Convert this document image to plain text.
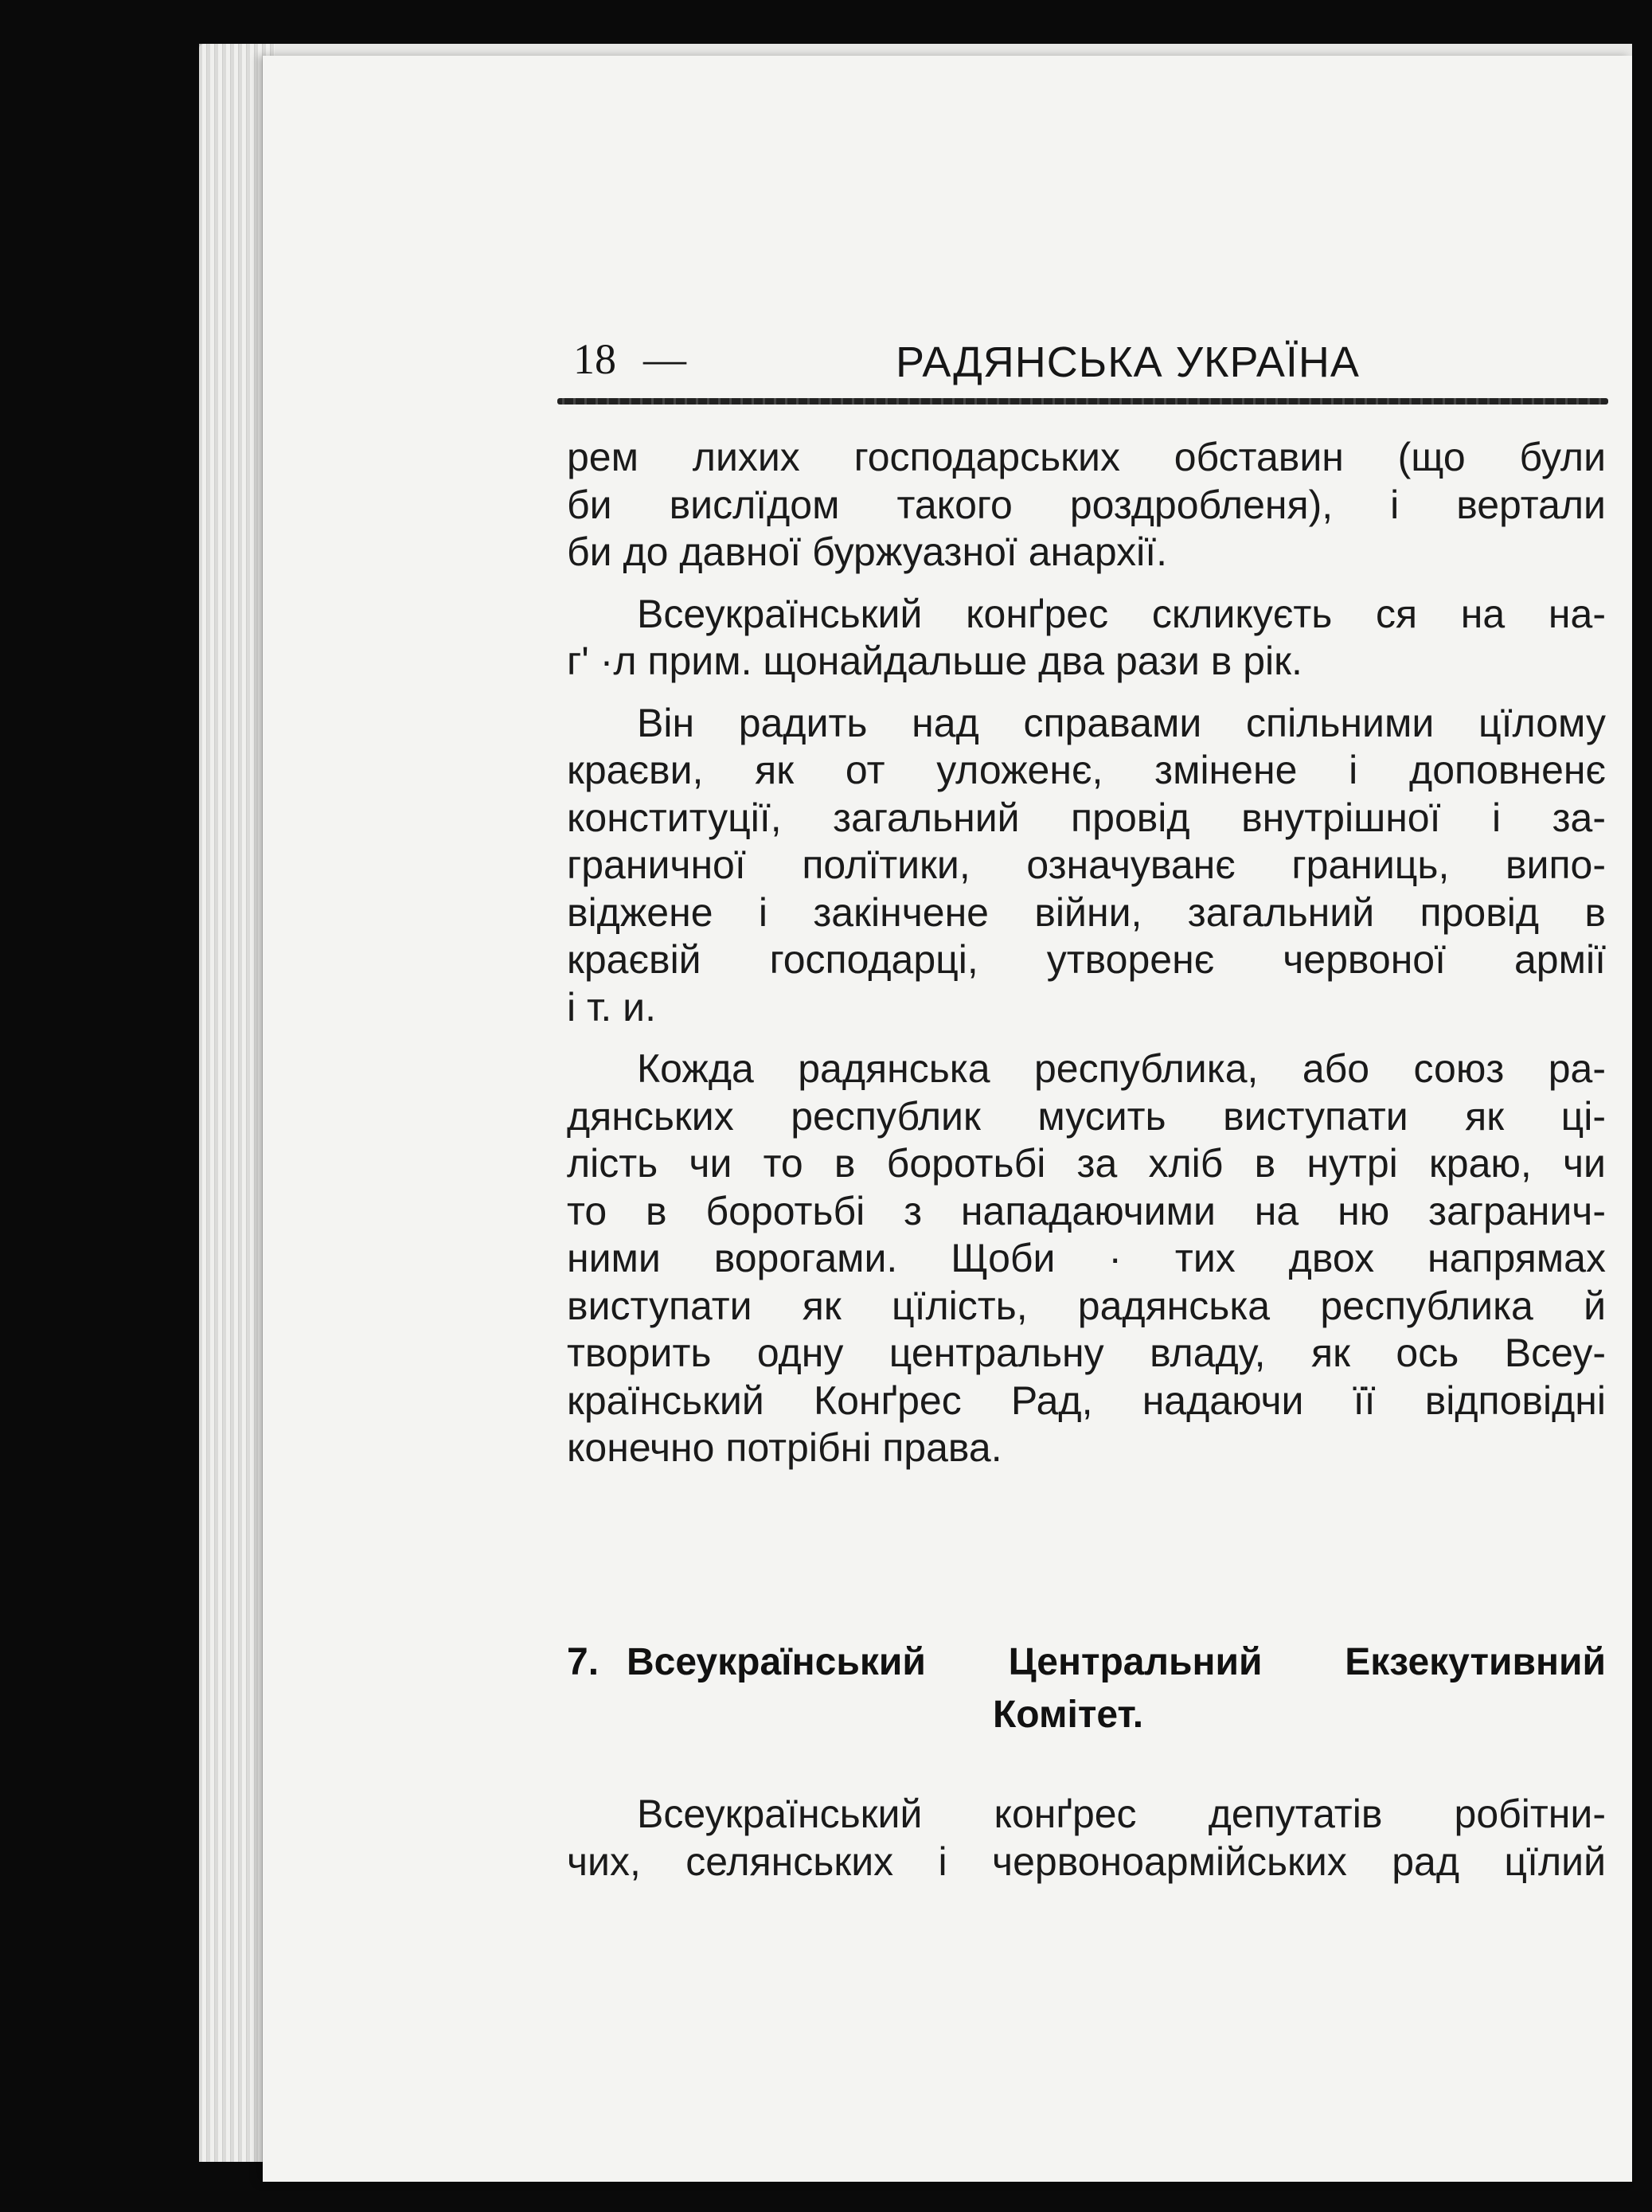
18 —	РАДЯНСЬКА УКРАЇНА
рем лихих господарських обставин (що були
би вислїдом такого роздробленя), і вертали
би до давної буржуазної анархії.
Всеукраїнський конґрес скликуєть ся на на-
г' ·л прим. щонайдальше два рази в рік.
Він радить над справами спільними цїлому
краєви, як от уложенє, змінене і доповненє
конституції, загальний провід внутрішної і за-
граничної полїтики, означуванє границь, випо-
віджене і закінчене війни, загальний провід в
краєвій господарці, утворенє червоної армії
і т. и.
Кожда радянська республика, або союз ра-
дянських республик мусить виступати як ці-
лість чи то в боротьбі за хліб в нутрі краю, чи
то в боротьбі з нападаючими на ню загранич-
ними ворогами. Щоби · тих двох напрямах
виступати як цїлість, радянська республика й
творить одну центральну владу, як ось Всеу-
країнський Конґрес Рад, надаючи її відповідні
конечно потрібні права.
7. Всеукраїнський Центральний Екзекутивний
Комітет.
Всеукраїнський конґрес депутатів робітни-
чих, селянських і червоноармійських рад цїлий
